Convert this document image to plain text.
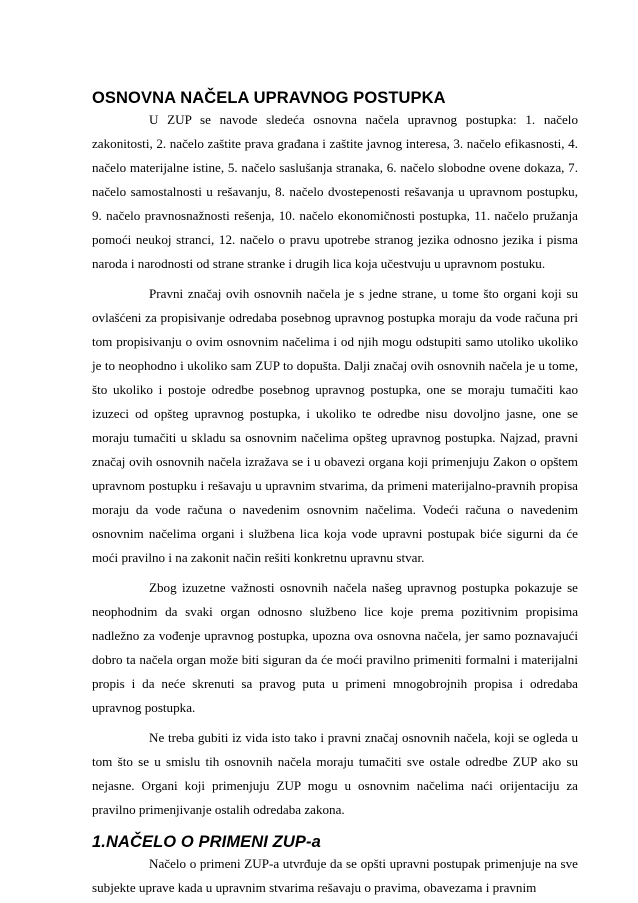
OSNOVNA NAČELA UPRAVNOG POSTUPKA

U ZUP se navode sledeća osnovna načela upravnog postupka: 1. načelo zakonitosti, 2. načelo zaštite prava građana i zaštite javnog interesa, 3. načelo efikasnosti, 4. načelo materijalne istine, 5. načelo saslušanja stranaka, 6. načelo slobodne ovene dokaza, 7. načelo samostalnosti u rešavanju, 8. načelo dvostepenosti rešavanja u upravnom postupku, 9. načelo pravnosnažnosti rešenja, 10. načelo ekonomičnosti postupka, 11. načelo pružanja pomoći neukoj stranci, 12. načelo o pravu upotrebe stranog jezika odnosno jezika i pisma naroda i narodnosti od strane stranke i drugih lica koja učestvuju u upravnom postuku.

Pravni značaj ovih osnovnih načela je s jedne strane, u tome što organi koji su ovlašćeni za propisivanje odredaba posebnog upravnog postupka moraju da vode računa pri tom propisivanju o ovim osnovnim načelima i od njih mogu odstupiti samo utoliko ukoliko je to neophodno i ukoliko sam ZUP to dopušta. Dalji značaj ovih osnovnih načela je u tome, što ukoliko i postoje odredbe posebnog upravnog postupka, one se moraju tumačiti kao izuzeci od opšteg upravnog postupka, i ukoliko te odredbe nisu dovoljno jasne, one se moraju tumačiti u skladu sa osnovnim načelima opšteg upravnog postupka. Najzad, pravni značaj ovih osnovnih načela izražava se i u obavezi organa koji primenjuju Zakon o opštem upravnom postupku i rešavaju u upravnim stvarima, da primeni materijalno-pravnih propisa moraju da vode računa o navedenim osnovnim načelima. Vodeći računa o navedenim osnovnim načelima organi i službena lica koja vode upravni postupak biće sigurni da će moći pravilno i na zakonit način rešiti konkretnu upravnu stvar.

Zbog izuzetne važnosti osnovnih načela našeg upravnog postupka pokazuje se neophodnim da svaki organ odnosno službeno lice koje prema pozitivnim propisima nadležno za vođenje upravnog postupka, upozna ova osnovna načela, jer samo poznavajući dobro ta načela organ može biti siguran da će moći pravilno primeniti formalni i materijalni propis i da neće skrenuti sa pravog puta u primeni mnogobrojnih propisa i odredaba upravnog postupka.

Ne treba gubiti iz vida isto tako i pravni značaj osnovnih načela, koji se ogleda u tom što se u smislu tih osnovnih načela moraju tumačiti sve ostale odredbe ZUP ako su nejasne. Organi koji primenjuju ZUP mogu u osnovnim načelima naći orijentaciju za pravilno primenjivanje ostalih odredaba zakona.

1.NAČELO O PRIMENI ZUP-a

Načelo o primeni ZUP-a utvrđuje da se opšti upravni postupak primenjuje na sve subjekte uprave kada u upravnim stvarima rešavaju o pravima, obavezama i pravnim
